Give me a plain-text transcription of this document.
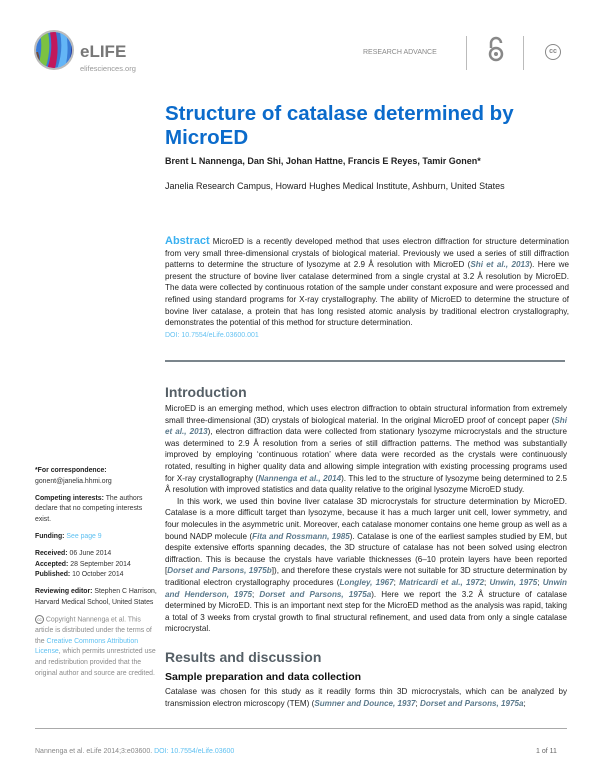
eLIFE
elifesciences.org
RESEARCH ADVANCE	cc
Structure of catalase determined by MicroED
Brent L Nannenga, Dan Shi, Johan Hattne, Francis E Reyes, Tamir Gonen*
Janelia Research Campus, Howard Hughes Medical Institute, Ashburn, United States
Abstract MicroED is a recently developed method that uses electron diffraction for structure determination from very small three-dimensional crystals of biological material. Previously we used a series of still diffraction patterns to determine the structure of lysozyme at 2.9 Å resolution with MicroED (Shi et al., 2013). Here we present the structure of bovine liver catalase determined from a single crystal at 3.2 Å resolution by MicroED. The data were collected by continuous rotation of the sample under constant exposure and were processed and refined using standard programs for X-ray crystallography. The ability of MicroED to determine the structure of bovine liver catalase, a protein that has long resisted atomic analysis by traditional electron crystallography, demonstrates the potential of this method for structure determination.
DOI: 10.7554/eLife.03600.001
Introduction

MicroED is an emerging method, which uses electron diffraction to obtain structural information from extremely small three-dimensional (3D) crystals of biological material. In the original MicroED proof of concept paper (Shi et al., 2013), electron diffraction data were collected from stationary lysozyme microcrystals and the structure was determined to 2.9 Å resolution from a series of still diffraction patterns. The method was substantially improved by employing ‘continuous rotation’ where data were recorded as the crystals were continuously rotated, resulting in higher quality data and allowing simple integration with existing processing programs used for X-ray crystallography (Nannenga et al., 2014). This led to the structure of lysozyme being determined to 2.5 Å resolution with improved statistics and data quality relative to the original lysozyme MicroED study.

In this work, we used thin bovine liver catalase 3D microcrystals for structure determination by MicroED. Catalase is a more difficult target than lysozyme, because it has a much larger unit cell, lower symmetry, and four molecules in the asymmetric unit. Moreover, each catalase monomer contains one heme group as well as a bound NADP molecule (Fita and Rossmann, 1985). Catalase is one of the earliest samples studied by EM, but despite extensive efforts spanning decades, the 3D structure of catalase has not been solved using electron diffraction. This is because the crystals have variable thicknesses (6–10 protein layers have been reported [Dorset and Parsons, 1975b]), and therefore these crystals were not suitable for 3D structure determination by traditional electron crystallography procedures (Longley, 1967; Matricardi et al., 1972; Unwin, 1975; Unwin and Henderson, 1975; Dorset and Parsons, 1975a). Here we report the 3.2 Å structure of catalase determined by MicroED. This is an important next step for the MicroED method as the analysis was rapid, taking a total of 3 weeks from crystal growth to final structural refinement, and used data from only a single catalase microcrystal.

Results and discussion
Sample preparation and data collection

Catalase was chosen for this study as it readily forms thin 3D microcrystals, which can be analyzed by transmission electron microscopy (TEM) (Sumner and Dounce, 1937; Dorset and Parsons, 1975a;

*For correspondence: gonent@janelia.hhmi.org
Competing interests: The authors declare that no competing interests exist.
Funding: See page 9
Received: 06 June 2014
Accepted: 28 September 2014
Published: 10 October 2014
Reviewing editor: Stephen C Harrison, Harvard Medical School, United States
cc Copyright Nannenga et al. This article is distributed under the terms of the Creative Commons Attribution License, which permits unrestricted use and redistribution provided that the original author and source are credited.
Nannenga et al. eLife 2014;3:e03600. DOI: 10.7554/eLife.03600	1 of 11
